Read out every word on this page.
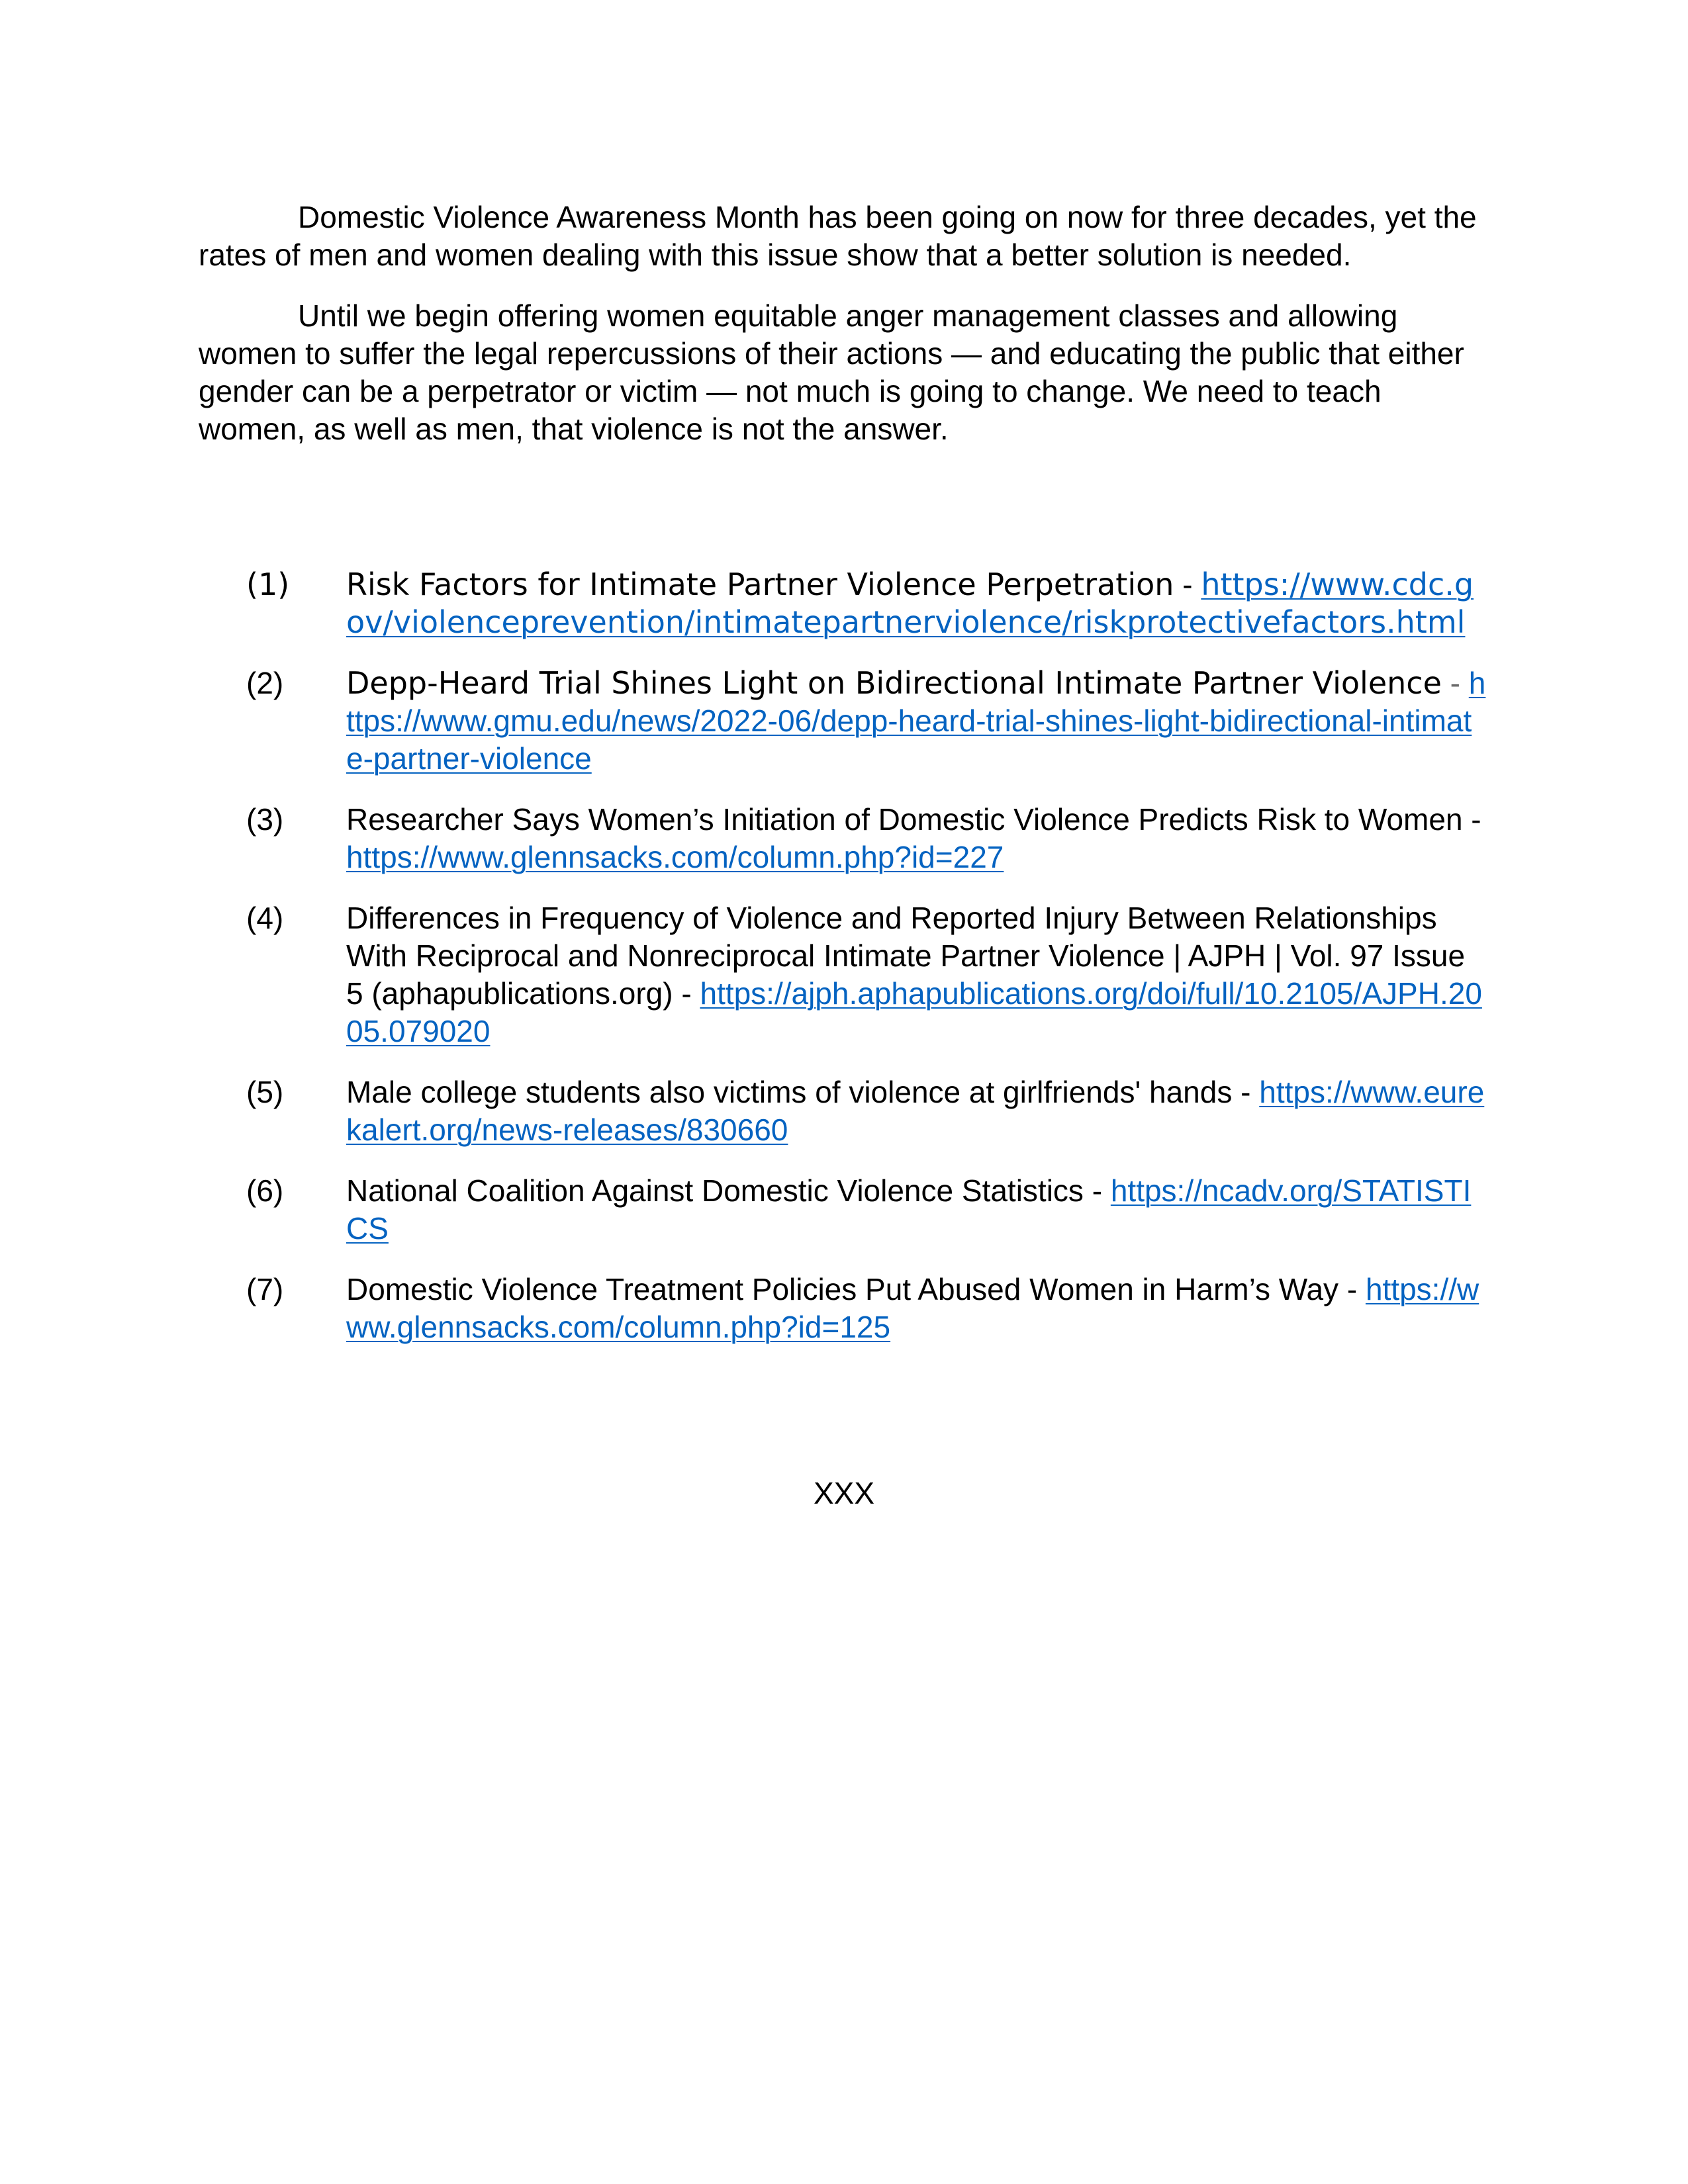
Domestic Violence Awareness Month has been going on now for three decades, yet the rates of men and women dealing with this issue show that a better solution is needed.

Until we begin offering women equitable anger management classes and allowing women to suffer the legal repercussions of their actions — and educating the public that either gender can be a perpetrator or victim — not much is going to change. We need to teach women, as well as men, that violence is not the answer.

(1) Risk Factors for Intimate Partner Violence Perpetration - https://www.cdc.gov/violenceprevention/intimatepartnerviolence/riskprotectivefactors.html
(2) Depp-Heard Trial Shines Light on Bidirectional Intimate Partner Violence - https://www.gmu.edu/news/2022-06/depp-heard-trial-shines-light-bidirectional-intimate-partner-violence
(3) Researcher Says Women’s Initiation of Domestic Violence Predicts Risk to Women - https://www.glennsacks.com/column.php?id=227
(4) Differences in Frequency of Violence and Reported Injury Between Relationships With Reciprocal and Nonreciprocal Intimate Partner Violence | AJPH | Vol. 97 Issue 5 (aphapublications.org) - https://ajph.aphapublications.org/doi/full/10.2105/AJPH.2005.079020
(5) Male college students also victims of violence at girlfriends' hands - https://www.eurekalert.org/news-releases/830660
(6) National Coalition Against Domestic Violence Statistics - https://ncadv.org/STATISTICS
(7) Domestic Violence Treatment Policies Put Abused Women in Harm’s Way - https://www.glennsacks.com/column.php?id=125
XXX
